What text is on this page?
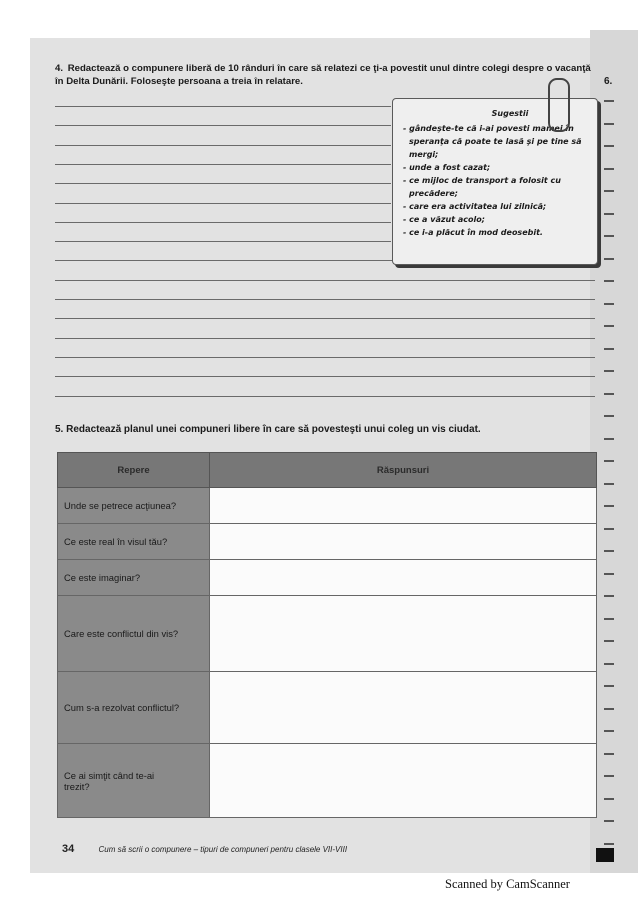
4. Redactează o compunere liberă de 10 rânduri în care să relatezi ce ţi-a povestit unul dintre colegi despre o vacanţă în Delta Dunării. Foloseşte persoana a treia în relatare.	6.
Sugestii
- gândeşte-te că i-ai povesti mamei în speranţa că poate te lasă şi pe tine să mergi;
- unde a fost cazat;
- ce mijloc de transport a folosit cu precădere;
- care era activitatea lui zilnică;
- ce a văzut acolo;
- ce i-a plăcut în mod deosebit.
5. Redactează planul unei compuneri libere în care să povesteşti unui coleg un vis ciudat.
Repere	Răspunsuri
Unde se petrece acţiunea?	
Ce este real în visul tău?	
Ce este imaginar?	
Care este conflictul din vis?	
Cum s-a rezolvat conflictul?	
Ce ai simţit când te-ai trezit?	
34	Cum să scrii o compunere – tipuri de compuneri pentru clasele VII-VIII
Scanned by CamScanner
